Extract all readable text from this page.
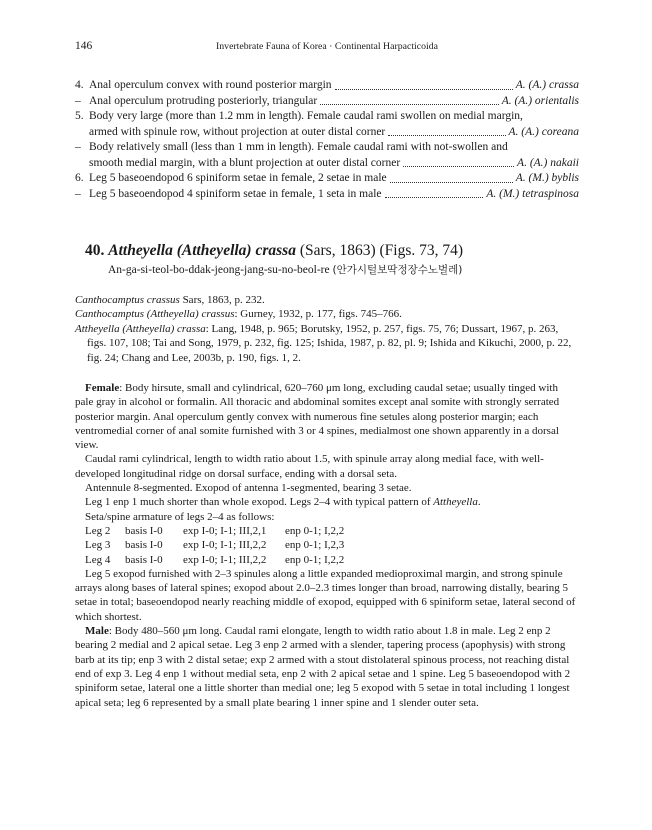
146	Invertebrate Fauna of Korea · Continental Harpacticoida
4. Anal operculum convex with round posterior margin	A. (A.) crassa
– Anal operculum protruding posteriorly, triangular	A. (A.) orientalis
5. Body very large (more than 1.2 mm in length). Female caudal rami swollen on medial margin,
armed with spinule row, without projection at outer distal corner	A. (A.) coreana
– Body relatively small (less than 1 mm in length). Female caudal rami with not-swollen and
smooth medial margin, with a blunt projection at outer distal corner	A. (A.) nakaii
6. Leg 5 baseoendopod 6 spiniform setae in female, 2 setae in male	A. (M.) byblis
– Leg 5 baseoendopod 4 spiniform setae in female, 1 seta in male	A. (M.) tetraspinosa
40. Attheyella (Attheyella) crassa (Sars, 1863) (Figs. 73, 74)
An-ga-si-teol-bo-ddak-jeong-jang-su-no-beol-re (안가시털보딱정장수노벌레)

Canthocamptus crassus Sars, 1863, p. 232.

Canthocamptus (Attheyella) crassus: Gurney, 1932, p. 177, figs. 745–766.

Attheyella (Attheyella) crassa: Lang, 1948, p. 965; Borutsky, 1952, p. 257, figs. 75, 76; Dussart, 1967, p. 263, figs. 107, 108; Tai and Song, 1979, p. 232, fig. 125; Ishida, 1987, p. 82, pl. 9; Ishida and Kikuchi, 2000, p. 22, fig. 24; Chang and Lee, 2003b, p. 190, figs. 1, 2.

Female: Body hirsute, small and cylindrical, 620–760 μm long, excluding caudal setae; usually tinged with pale gray in alcohol or formalin. All thoracic and abdominal somites except anal somite with strongly serrated posterior margin. Anal operculum gently convex with numerous fine setules along posterior margin; each ventromedial corner of anal somite furnished with 3 or 4 spines, medialmost one shown apparently in a dorsal view.

Caudal rami cylindrical, length to width ratio about 1.5, with spinule array along medial face, with well-developed longitudinal ridge on dorsal surface, ending with a dorsal seta.

Antennule 8-segmented. Exopod of antenna 1-segmented, bearing 3 setae.

Leg 1 enp 1 much shorter than whole exopod. Legs 2–4 with typical pattern of Attheyella.

Seta/spine armature of legs 2–4 as follows:

Leg 2	basis I-0	exp I-0; I-1; III,2,1	enp 0-1; I,2,2
Leg 3	basis I-0	exp I-0; I-1; III,2,2	enp 0-1; I,2,3
Leg 4	basis I-0	exp I-0; I-1; III,2,2	enp 0-1; I,2,2

Leg 5 exopod furnished with 2–3 spinules along a little expanded medioproximal margin, and strong spinule arrays along bases of lateral spines; exopod about 2.0–2.3 times longer than broad, narrowing distally, bearing 5 setae in total; baseoendopod nearly reaching middle of exopod, equipped with 6 spiniform setae, lateral second of which shortest.

Male: Body 480–560 μm long. Caudal rami elongate, length to width ratio about 1.8 in male. Leg 2 enp 2 bearing 2 medial and 2 apical setae. Leg 3 enp 2 armed with a slender, tapering process (apophysis) with strong barb at its tip; enp 3 with 2 distal setae; exp 2 armed with a stout distolateral spinous process, not reaching distal end of exp 3. Leg 4 enp 1 without medial seta, enp 2 with 2 apical setae and 1 spine. Leg 5 baseoendopod with 2 spiniform setae, lateral one a little shorter than medial one; leg 5 exopod with 5 setae in total including 1 longest apical seta; leg 6 represented by a small plate bearing 1 inner spine and 1 slender outer seta.
